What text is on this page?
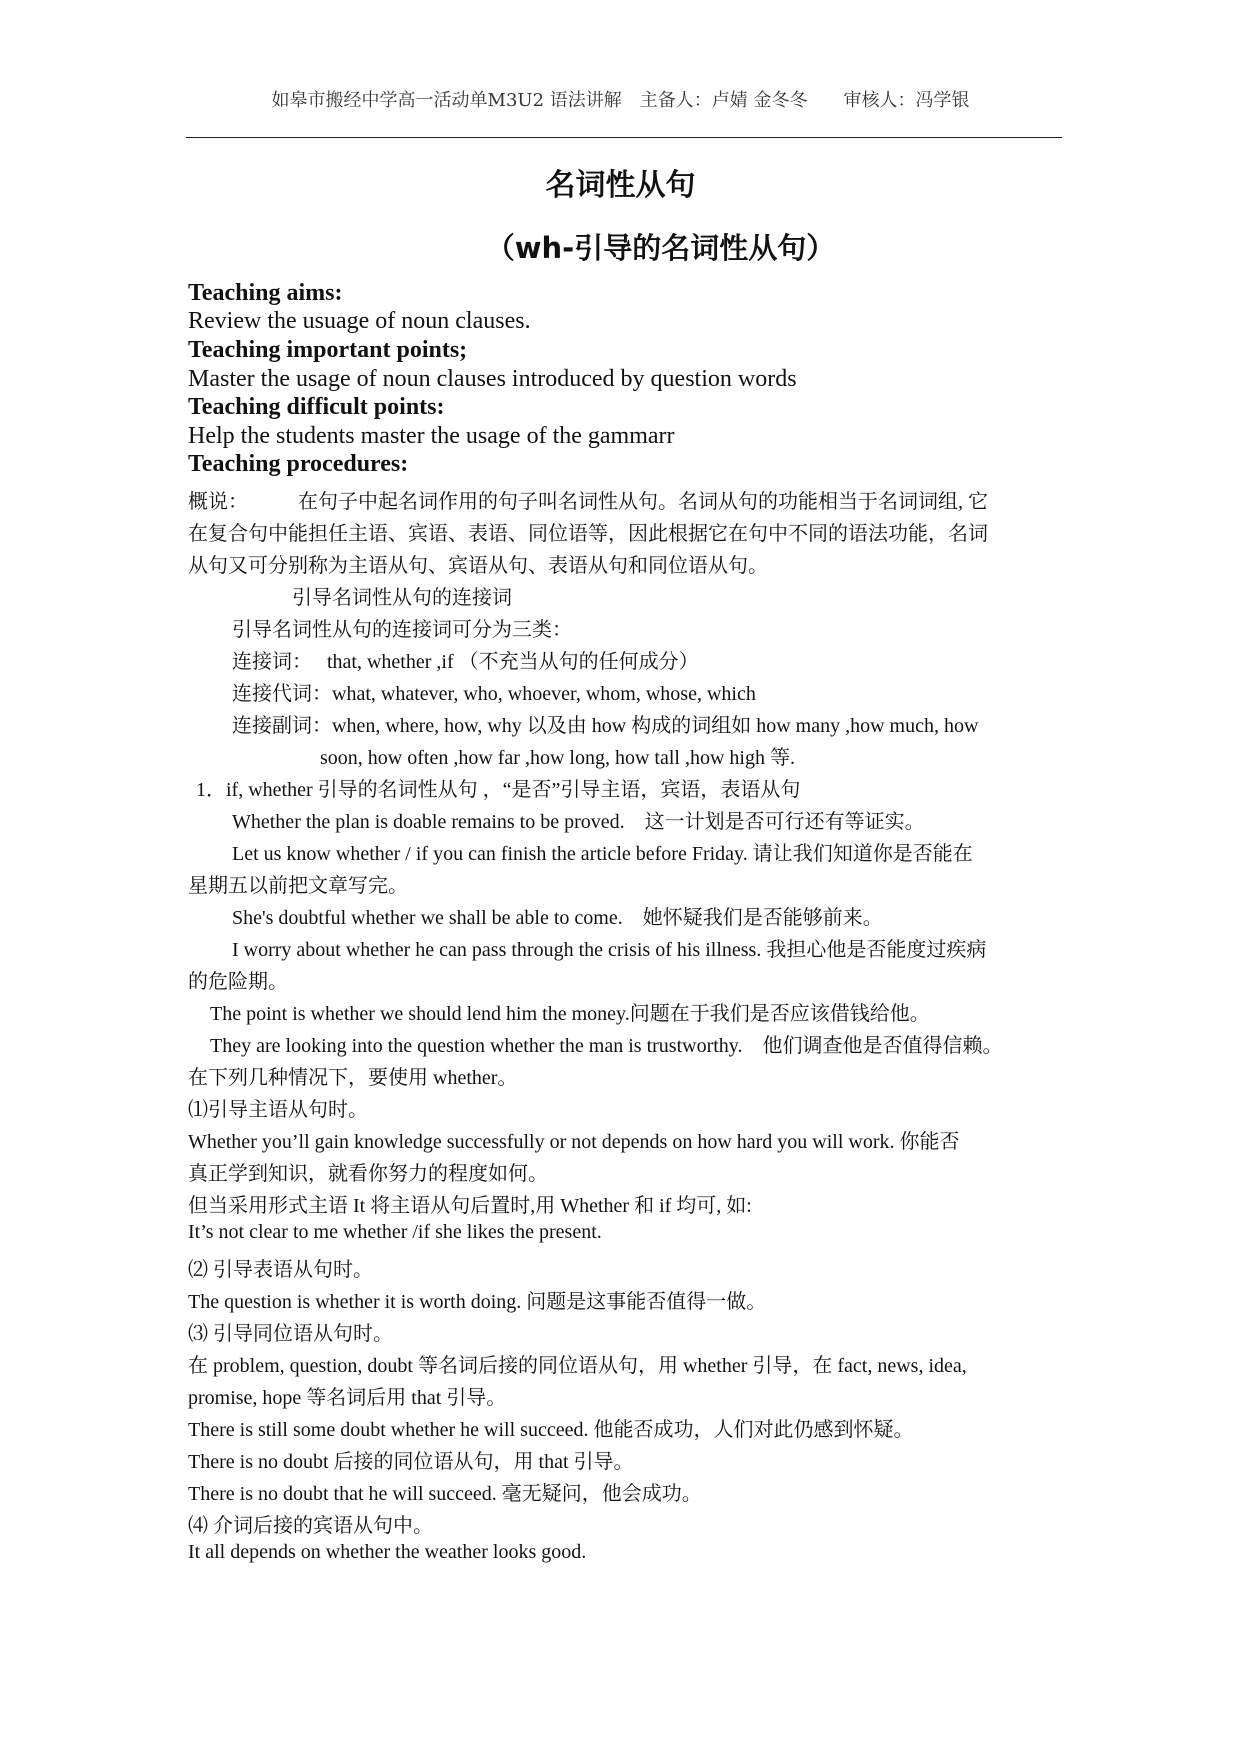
如皋市搬经中学高一活动单M3U2 语法讲解　主备人：卢婧 金冬冬　　审核人：冯学银
名词性从句
（wh-引导的名词性从句）
Teaching aims:
Review the usuage of noun clauses.
Teaching important points;
Master the usage of noun clauses introduced by question words
Teaching difficult points:
Help the students master the usage of the gammarr
Teaching procedures:
概说：　　　在句子中起名词作用的句子叫名词性从句。名词从句的功能相当于名词词组, 它
在复合句中能担任主语、宾语、表语、同位语等，因此根据它在句中不同的语法功能，名词
从句又可分别称为主语从句、宾语从句、表语从句和同位语从句。
引导名词性从句的连接词
引导名词性从句的连接词可分为三类：
连接词：　 that, whether ,if （不充当从句的任何成分）
连接代词：what, whatever, who, whoever, whom, whose, which
连接副词：when, where, how, why 以及由 how 构成的词组如 how many ,how much, how
soon, how often ,how far ,how long, how tall ,how high 等.
1．if, whether 引导的名词性从句 ，“是否”引导主语，宾语，表语从句
Whether the plan is doable remains to be proved.　这一计划是否可行还有等证实。
Let us know whether / if you can finish the article before Friday. 请让我们知道你是否能在
星期五以前把文章写完。
She's doubtful whether we shall be able to come.　她怀疑我们是否能够前来。
I worry about whether he can pass through the crisis of his illness. 我担心他是否能度过疾病
的危险期。
The point is whether we should lend him the money.问题在于我们是否应该借钱给他。
They are looking into the question whether the man is trustworthy.　他们调查他是否值得信赖。
在下列几种情况下，要使用 whether。
⑴引导主语从句时。
Whether you’ll gain knowledge successfully or not depends on how hard you will work. 你能否
真正学到知识，就看你努力的程度如何。
但当采用形式主语 It 将主语从句后置时,用 Whether 和 if 均可, 如:
It’s not clear to me whether /if she likes the present.
⑵ 引导表语从句时。
The question is whether it is worth doing. 问题是这事能否值得一做。
⑶ 引导同位语从句时。
在 problem, question, doubt 等名词后接的同位语从句，用 whether 引导，在 fact, news, idea,
promise, hope 等名词后用 that 引导。
There is still some doubt whether he will succeed. 他能否成功，人们对此仍感到怀疑。
There is no doubt 后接的同位语从句，用 that 引导。
There is no doubt that he will succeed. 毫无疑问，他会成功。
⑷ 介词后接的宾语从句中。
It all depends on whether the weather looks good.
